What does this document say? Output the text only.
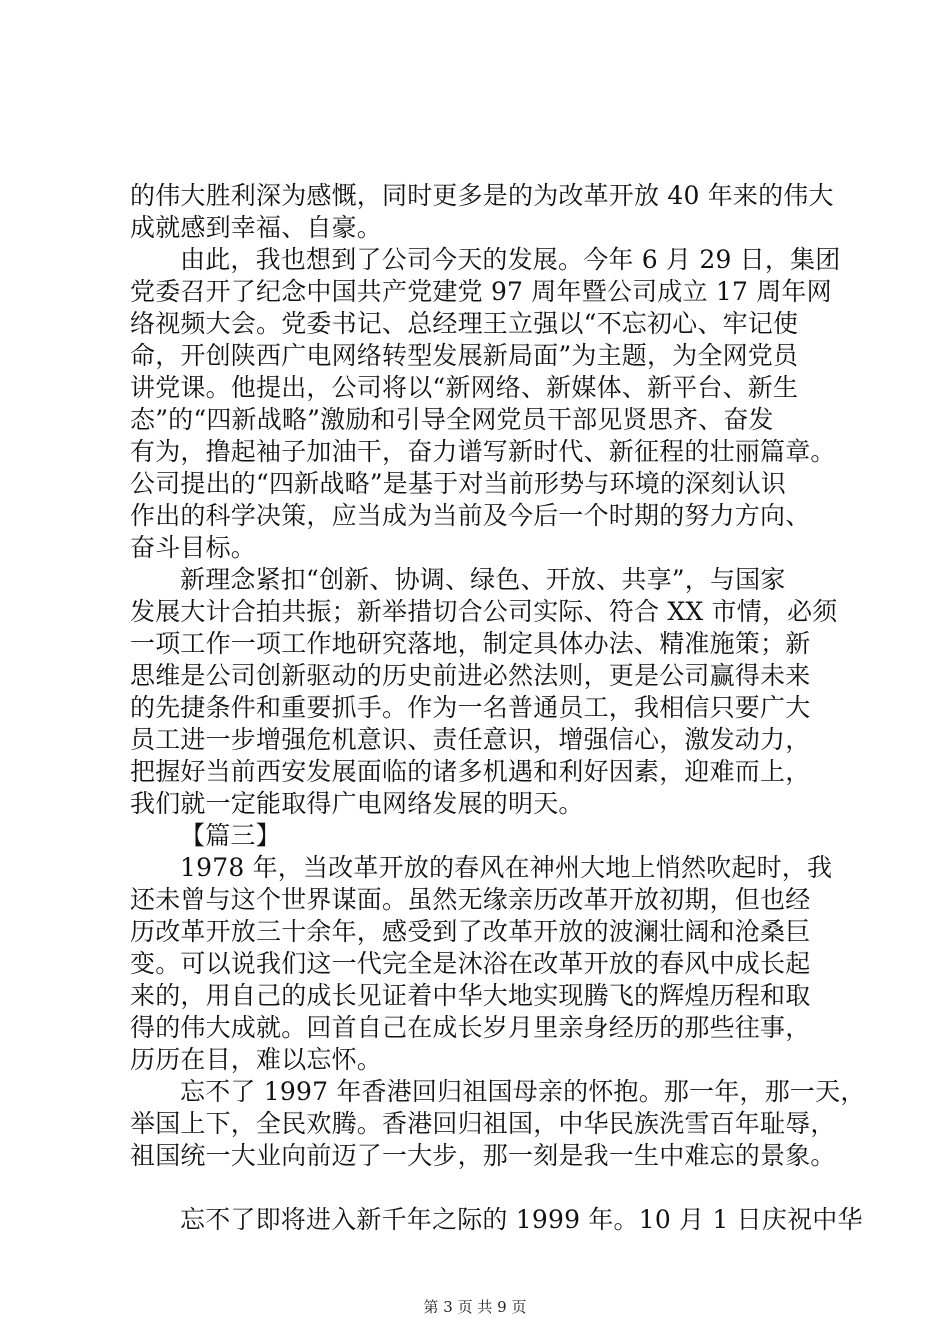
的伟大胜利深为感慨，同时更多是的为改革开放 40 年来的伟大
成就感到幸福、自豪。
由此，我也想到了公司今天的发展。今年 6 月 29 日，集团
党委召开了纪念中国共产党建党 97 周年暨公司成立 17 周年网
络视频大会。党委书记、总经理王立强以“不忘初心、牢记使
命，开创陕西广电网络转型发展新局面”为主题，为全网党员
讲党课。他提出，公司将以“新网络、新媒体、新平台、新生
态”的“四新战略”激励和引导全网党员干部见贤思齐、奋发
有为，撸起袖子加油干，奋力谱写新时代、新征程的壮丽篇章。
公司提出的“四新战略”是基于对当前形势与环境的深刻认识
作出的科学决策，应当成为当前及今后一个时期的努力方向、
奋斗目标。
新理念紧扣“创新、协调、绿色、开放、共享”，与国家
发展大计合拍共振；新举措切合公司实际、符合 XX 市情，必须
一项工作一项工作地研究落地，制定具体办法、精准施策；新
思维是公司创新驱动的历史前进必然法则，更是公司赢得未来
的先捷条件和重要抓手。作为一名普通员工，我相信只要广大
员工进一步增强危机意识、责任意识，增强信心，激发动力，
把握好当前西安发展面临的诸多机遇和利好因素，迎难而上，
我们就一定能取得广电网络发展的明天。
【篇三】
1978 年，当改革开放的春风在神州大地上悄然吹起时，我
还未曾与这个世界谋面。虽然无缘亲历改革开放初期，但也经
历改革开放三十余年，感受到了改革开放的波澜壮阔和沧桑巨
变。可以说我们这一代完全是沐浴在改革开放的春风中成长起
来的，用自己的成长见证着中华大地实现腾飞的辉煌历程和取
得的伟大成就。回首自己在成长岁月里亲身经历的那些往事，
历历在目，难以忘怀。
忘不了 1997 年香港回归祖国母亲的怀抱。那一年，那一天，
举国上下，全民欢腾。香港回归祖国，中华民族洗雪百年耻辱，
祖国统一大业向前迈了一大步，那一刻是我一生中难忘的景象。
忘不了即将进入新千年之际的 1999 年。10 月 1 日庆祝中华
第 3 页 共 9 页
